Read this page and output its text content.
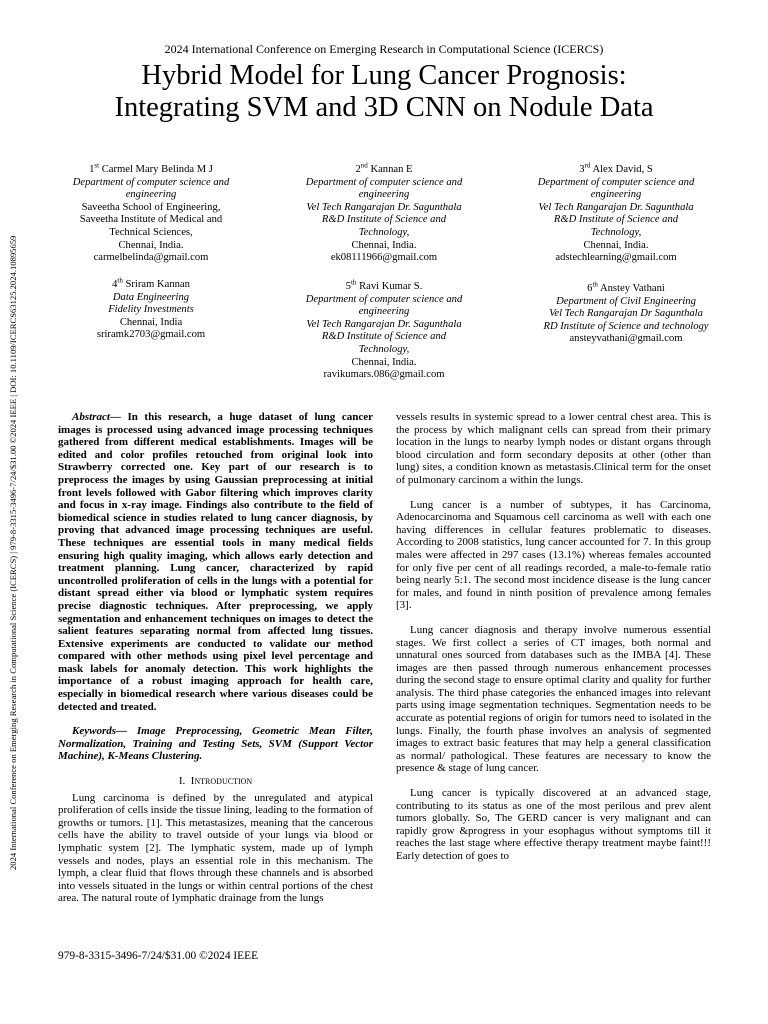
2024 International Conference on Emerging Research in Computational Science (ICERCS)
Hybrid Model for Lung Cancer Prognosis:
Integrating SVM and 3D CNN on Nodule Data
2024 International Conference on Emerging Research in Computational Science (ICERCS) | 979-8-3315-3496-7/24/$31.00 ©2024 IEEE | DOI: 10.1109/ICERCS63125.2024.10895659
1st Carmel Mary Belinda M J
Department of computer science and engineering
Saveetha School of Engineering,
Saveetha Institute of Medical and
Technical Sciences,
Chennai, India.
carmelbelinda@gmail.com
2nd Kannan E
Department of computer science and engineering
Vel Tech Rangarajan Dr. Sagunthala
R&D Institute of Science and
Technology,
Chennai, India.
ek08111966@gmail.com
3rd Alex David, S
Department of computer science and engineering
Vel Tech Rangarajan Dr. Sagunthala
R&D Institute of Science and
Technology,
Chennai, India.
adstechlearning@gmail.com
4th Sriram Kannan
Data Engineering
Fidelity Investments
Chennai, India
sriramk2703@gmail.com
5th Ravi Kumar S.
Department of computer science and engineering
Vel Tech Rangarajan Dr. Sagunthala
R&D Institute of Science and
Technology,
Chennai, India.
ravikumars.086@gmail.com
6th Anstey Vathani
Department of Civil Engineering
Vel Tech Rangarajan Dr Sagunthala
RD Institute of Science and technology
ansteyvathani@gmail.com

Abstract— In this research, a huge dataset of lung cancer images is processed using advanced image processing techniques gathered from different medical establishments. Images will be edited and color profiles retouched from original look into Strawberry corrected one. Key part of our research is to preprocess the images by using Gaussian preprocessing at initial front levels followed with Gabor filtering which improves clarity and focus in x-ray image. Findings also contribute to the field of biomedical science in studies related to lung cancer diagnosis, by proving that advanced image processing techniques are useful. These techniques are essential tools in many medical fields ensuring high quality imaging, which allows early detection and treatment planning. Lung cancer, characterized by rapid uncontrolled proliferation of cells in the lungs with a potential for distant spread either via blood or lymphatic system requires precise diagnostic techniques. After preprocessing, we apply segmentation and enhancement techniques on images to detect the salient features separating normal from affected lung tissues. Extensive experiments are conducted to validate our method compared with other methods using pixel level percentage and mask labels for anomaly detection. This work highlights the importance of a robust imaging approach for health care, especially in biomedical research where various diseases could be detected and treated.

Keywords— Image Preprocessing, Geometric Mean Filter, Normalization, Training and Testing Sets, SVM (Support Vector Machine), K-Means Clustering.

I. Introduction

Lung carcinoma is defined by the unregulated and atypical proliferation of cells inside the tissue lining, leading to the formation of growths or tumors. [1]. This metastasizes, meaning that the cancerous cells have the ability to travel outside of your lungs via blood or lymphatic system [2]. The lymphatic system, made up of lymph vessels and nodes, plays an essential role in this mechanism. The lymph, a clear fluid that flows through these channels and is absorbed into vessels situated in the lungs or within central portions of the chest area. The natural route of lymphatic drainage from the lungs

vessels results in systemic spread to a lower central chest area. This is the process by which malignant cells can spread from their primary location in the lungs to nearby lymph nodes or distant organs through blood circulation and form secondary deposits at other (other than lung) sites, a condition known as metastasis.Clinical term for the onset of pulmonary carcinom a within the lungs.

Lung cancer is a number of subtypes, it has Carcinoma, Adenocarcinoma and Squamous cell carcinoma as well with each one having differences in cellular features problematic to diseases. According to 2008 statistics, lung cancer accounted for 7. In this group males were affected in 297 cases (13.1%) whereas females accounted for only five per cent of all readings recorded, a male-to-female ratio being nearly 5:1. The second most incidence disease is the lung cancer for males, and found in ninth position of prevalence among females [3].

Lung cancer diagnosis and therapy involve numerous essential stages. We first collect a series of CT images, both normal and unnatural ones sourced from databases such as the IMBA [4]. These images are then passed through numerous enhancement processes during the second stage to ensure optimal clarity and quality for further analysis. The third phase categories the enhanced images into relevant parts using image segmentation techniques. Segmentation needs to be accurate as potential regions of origin for tumors need to isolated in the lungs. Finally, the fourth phase involves an analysis of segmented images to extract basic features that may help a general classification as normal/ pathological. These features are necessary to know the presence & stage of lung cancer.

Lung cancer is typically discovered at an advanced stage, contributing to its status as one of the most perilous and prev alent tumors globally. So, The GERD cancer is very malignant and can rapidly grow &progress in your esophagus without symptoms till it reaches the last stage where effective therapy treatment maybe faint!!! Early detection of goes to

979-8-3315-3496-7/24/$31.00 ©2024 IEEE
